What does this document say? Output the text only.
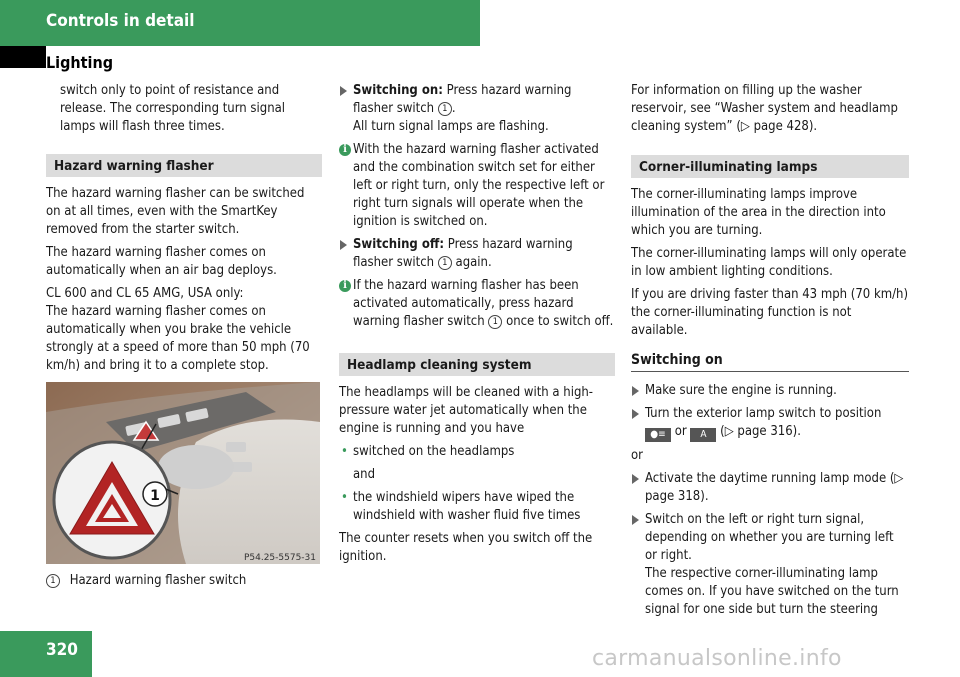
Controls in detail
Lighting

switch only to point of resistance and release. The corresponding turn signal lamps will flash three times.

Hazard warning flasher

The hazard warning flasher can be switched on at all times, even with the SmartKey removed from the starter switch.

The hazard warning flasher comes on automatically when an air bag deploys.

CL 600 and CL 65 AMG, USA only:

The hazard warning flasher comes on automatically when you brake the vehicle strongly at a speed of more than 50 mph (70 km/h) and bring it to a complete stop.

1
P54.25-5575-31
1 Hazard warning flasher switch

Switching on: Press hazard warning flasher switch 1 .
All turn signal lamps are flashing.

i With the hazard warning flasher activated and the combination switch set for either left or right turn, only the respective left or right turn signals will operate when the ignition is switched on.

Switching off: Press hazard warning flasher switch 1 again.

i If the hazard warning flasher has been activated automatically, press hazard warning flasher switch 1 once to switch off.

Headlamp cleaning system

The headlamps will be cleaned with a high-pressure water jet automatically when the engine is running and you have

• switched on the headlamps

and

• the windshield wipers have wiped the windshield with washer fluid five times

The counter resets when you switch off the ignition.

For information on filling up the washer reservoir, see “Washer system and headlamp cleaning system” (▷ page 428).

Corner-illuminating lamps

The corner-illuminating lamps improve illumination of the area in the direction into which you are turning.

The corner-illuminating lamps will only operate in low ambient lighting conditions.

If you are driving faster than 43 mph (70 km/h) the corner-illuminating function is not available.

Switching on

Make sure the engine is running.

Turn the exterior lamp switch to position ●≡ or A (▷ page 316).

or

Activate the daytime running lamp mode (▷ page 318).

Switch on the left or right turn signal, depending on whether you are turning left or right.

The respective corner-illuminating lamp comes on. If you have switched on the turn signal for one side but turn the steering

320	carmanualsonline.info
